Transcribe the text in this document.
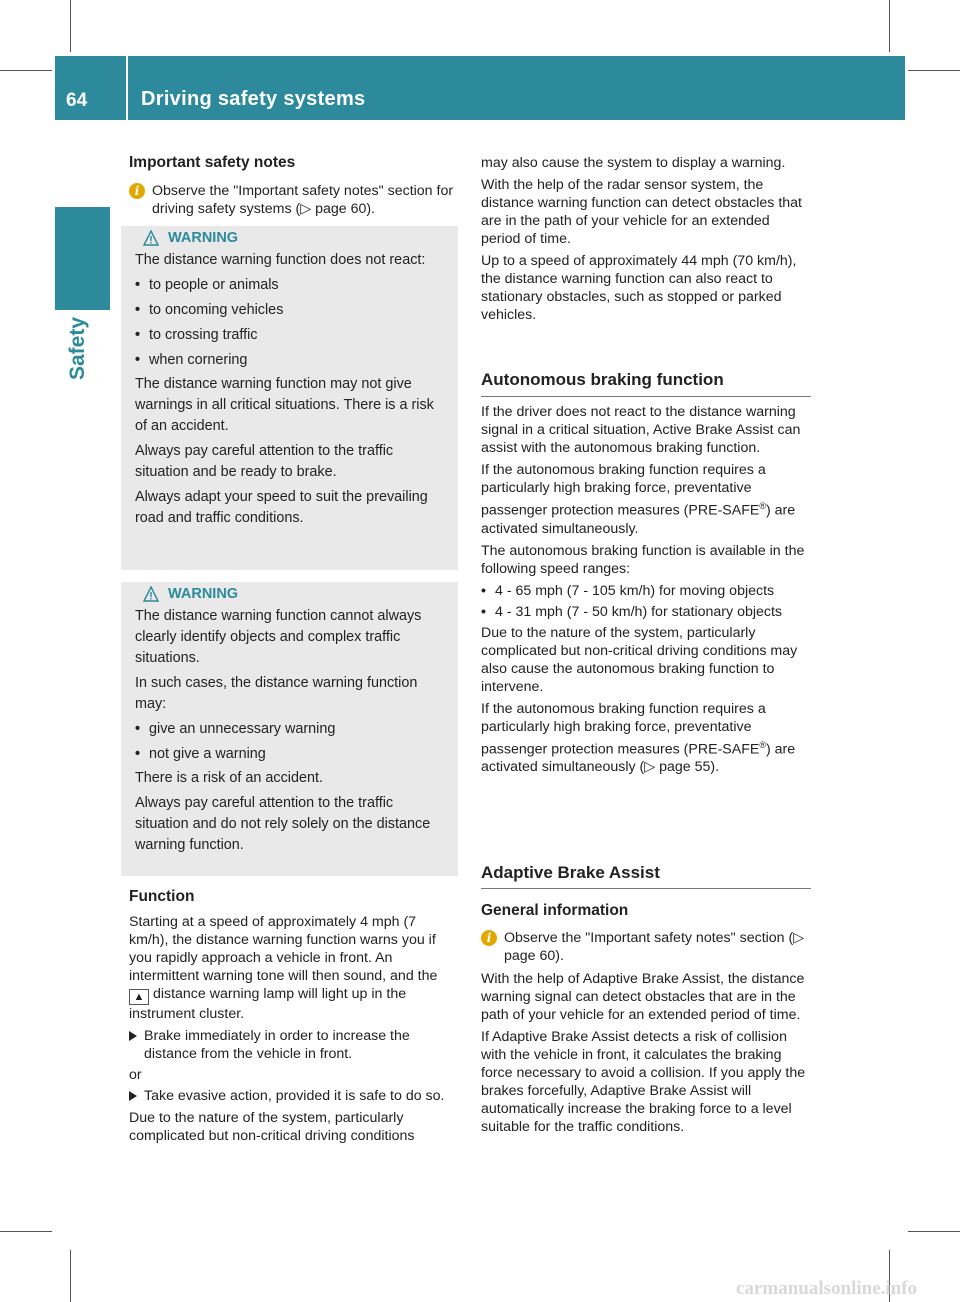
64	Driving safety systems
Safety
Important safety notes
i Observe the "Important safety notes" section for driving safety systems (▷ page 60).

WARNING

The distance warning function does not react:

• to people or animals
• to oncoming vehicles
• to crossing traffic
• when cornering

The distance warning function may not give warnings in all critical situations. There is a risk of an accident.

Always pay careful attention to the traffic situation and be ready to brake.

Always adapt your speed to suit the prevailing road and traffic conditions.

WARNING

The distance warning function cannot always clearly identify objects and complex traffic situations.

In such cases, the distance warning function may:

• give an unnecessary warning
• not give a warning

There is a risk of an accident.

Always pay careful attention to the traffic situation and do not rely solely on the distance warning function.

Function

Starting at a speed of approximately 4 mph (7 km/h), the distance warning function warns you if you rapidly approach a vehicle in front. An intermittent warning tone will then sound, and the ▲ distance warning lamp will light up in the instrument cluster.

Brake immediately in order to increase the distance from the vehicle in front.

or

Take evasive action, provided it is safe to do so.

Due to the nature of the system, particularly complicated but non-critical driving conditions

may also cause the system to display a warning.

With the help of the radar sensor system, the distance warning function can detect obstacles that are in the path of your vehicle for an extended period of time.

Up to a speed of approximately 44 mph (70 km/h), the distance warning function can also react to stationary obstacles, such as stopped or parked vehicles.

Autonomous braking function

If the driver does not react to the distance warning signal in a critical situation, Active Brake Assist can assist with the autonomous braking function.

If the autonomous braking function requires a particularly high braking force, preventative passenger protection measures (PRE-SAFE®) are activated simultaneously.

The autonomous braking function is available in the following speed ranges:

• 4 - 65 mph (7 - 105 km/h) for moving objects
• 4 - 31 mph (7 - 50 km/h) for stationary objects

Due to the nature of the system, particularly complicated but non-critical driving conditions may also cause the autonomous braking function to intervene.

If the autonomous braking function requires a particularly high braking force, preventative passenger protection measures (PRE-SAFE®) are activated simultaneously (▷ page 55).

Adaptive Brake Assist
General information
i Observe the "Important safety notes" section (▷ page 60).

With the help of Adaptive Brake Assist, the distance warning signal can detect obstacles that are in the path of your vehicle for an extended period of time.

If Adaptive Brake Assist detects a risk of collision with the vehicle in front, it calculates the braking force necessary to avoid a collision. If you apply the brakes forcefully, Adaptive Brake Assist will automatically increase the braking force to a level suitable for the traffic conditions.

carmanualsonline.info
